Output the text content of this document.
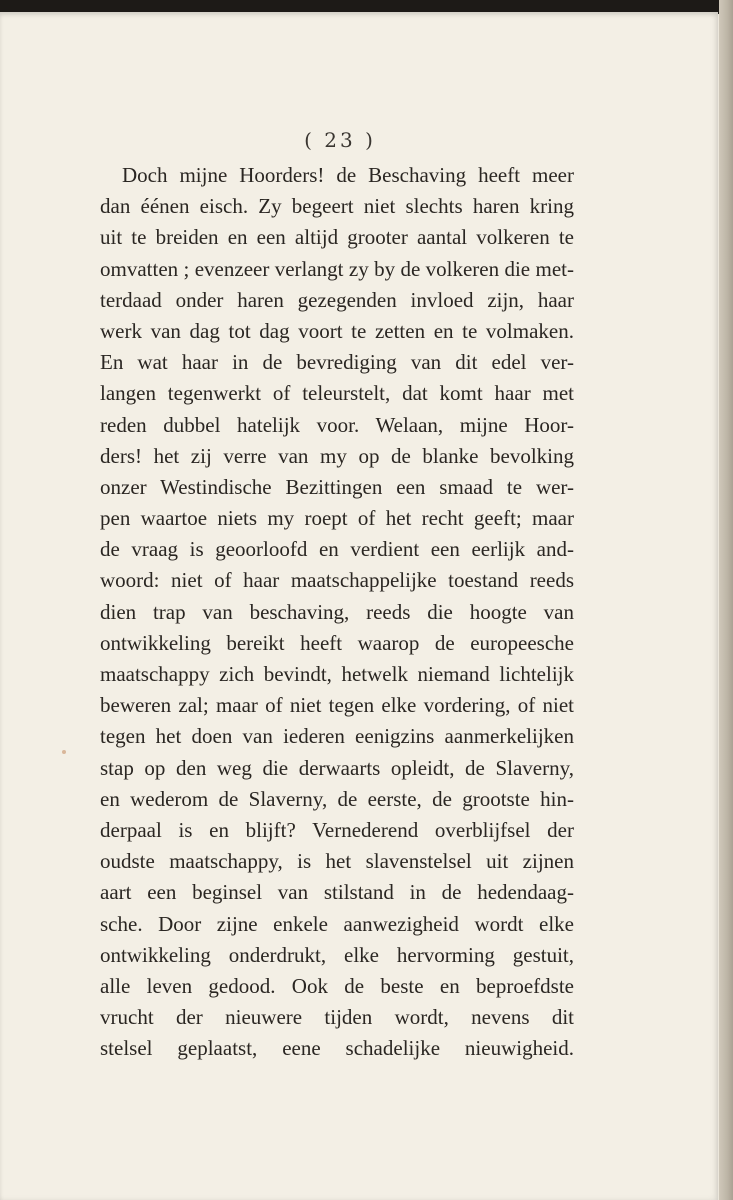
( 23 )
Doch mijne Hoorders! de Beschaving heeft meer
dan éénen eisch. Zy begeert niet slechts haren kring
uit te breiden en een altijd grooter aantal volkeren te
omvatten ; evenzeer verlangt zy by de volkeren die met-
terdaad onder haren gezegenden invloed zijn, haar
werk van dag tot dag voort te zetten en te volmaken.
En wat haar in de bevrediging van dit edel ver-
langen tegenwerkt of teleurstelt, dat komt haar met
reden dubbel hatelijk voor. Welaan, mijne Hoor-
ders! het zij verre van my op de blanke bevolking
onzer Westindische Bezittingen een smaad te wer-
pen waartoe niets my roept of het recht geeft; maar
de vraag is geoorloofd en verdient een eerlijk and-
woord: niet of haar maatschappelijke toestand reeds
dien trap van beschaving, reeds die hoogte van
ontwikkeling bereikt heeft waarop de europeesche
maatschappy zich bevindt, hetwelk niemand lichtelijk
beweren zal; maar of niet tegen elke vordering, of niet
tegen het doen van iederen eenigzins aanmerkelijken
stap op den weg die derwaarts opleidt, de Slaverny,
en wederom de Slaverny, de eerste, de grootste hin-
derpaal is en blijft? Vernederend overblijfsel der
oudste maatschappy, is het slavenstelsel uit zijnen
aart een beginsel van stilstand in de hedendaag-
sche. Door zijne enkele aanwezigheid wordt elke
ontwikkeling onderdrukt, elke hervorming gestuit,
alle leven gedood. Ook de beste en beproefdste
vrucht der nieuwere tijden wordt, nevens dit
stelsel geplaatst, eene schadelijke nieuwigheid.
